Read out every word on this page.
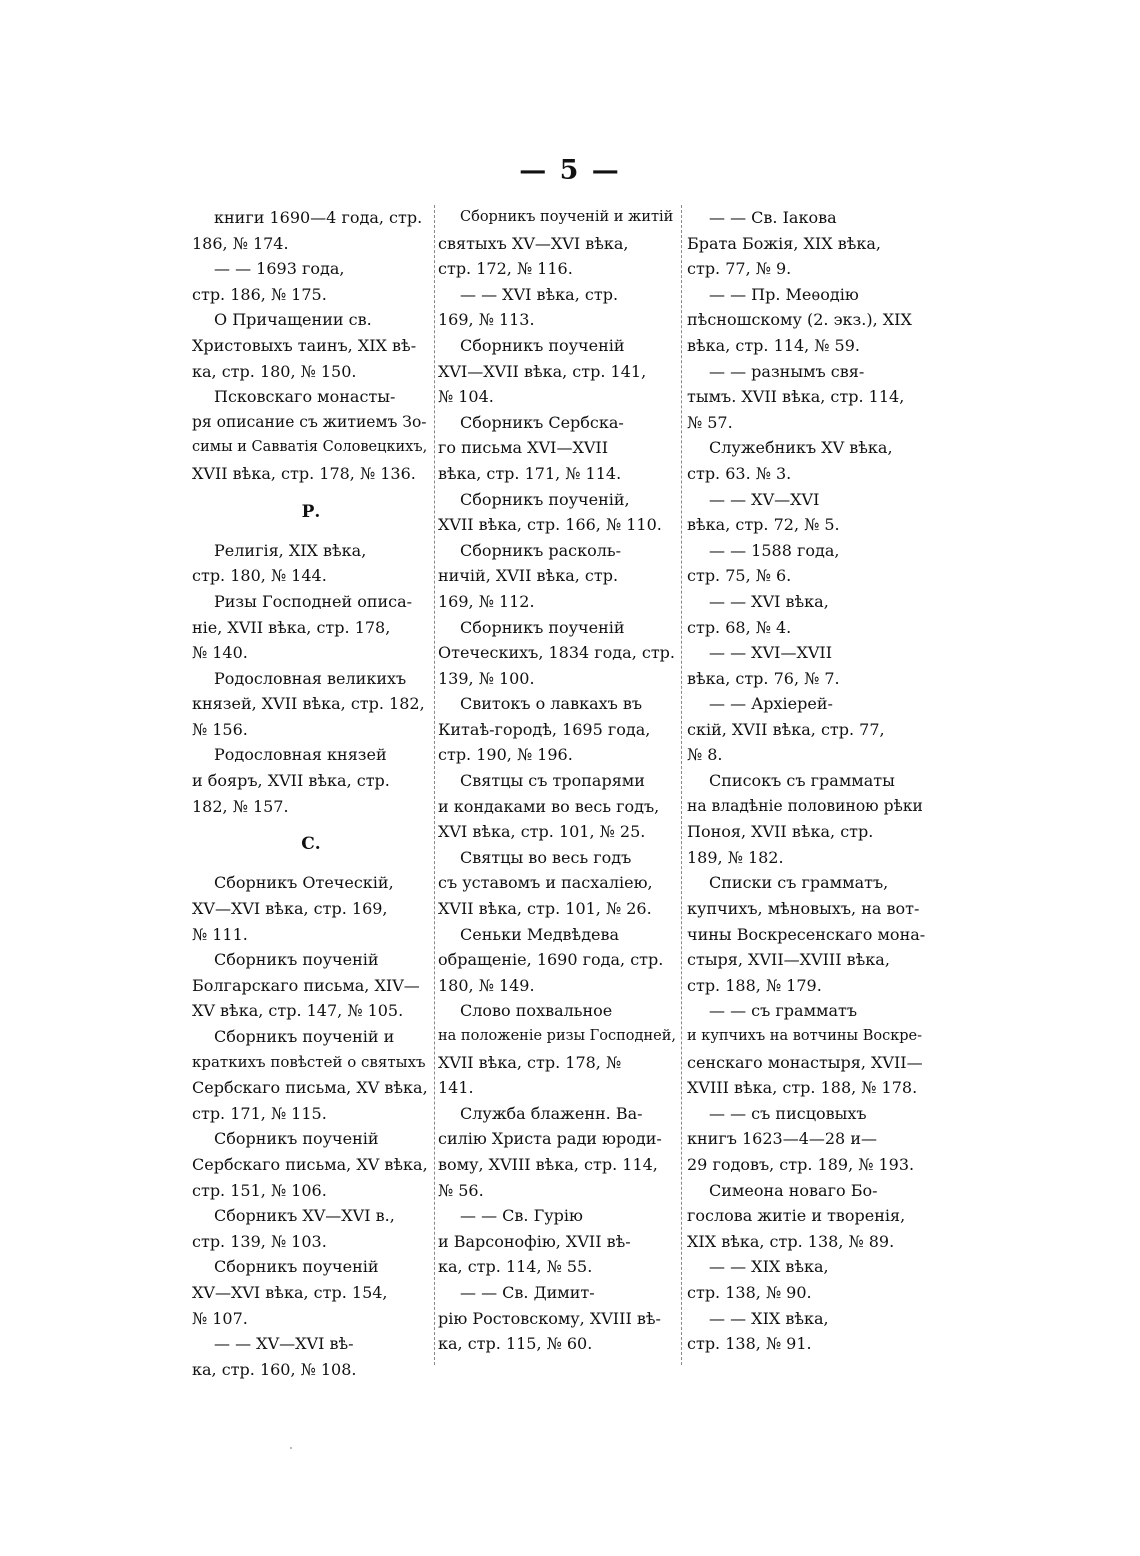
— 5 —
книги 1690—4 года, стр.
186, № 174.
— — 1693 года,
стр. 186, № 175.
О Причащении св.
Христовыхъ таинъ, XIX вѣ-
ка, стр. 180, № 150.
Псковскаго монасты-
ря описание съ житиемъ Зо-
симы и Савватія Соловецкихъ,
XVII вѣка, стр. 178, № 136.
Р.
Религія, XIX вѣка,
стр. 180, № 144.
Ризы Господней описа-
ніе, XVII вѣка, стр. 178,
№ 140.
Родословная великихъ
князей, XVII вѣка, стр. 182,
№ 156.
Родословная князей
и бояръ, XVII вѣка, стр.
182, № 157.
С.
Сборникъ Отеческій,
XV—XVI вѣка, стр. 169,
№ 111.
Сборникъ поученій
Болгарскаго письма, XIV—
XV вѣка, стр. 147, № 105.
Сборникъ поученій и
краткихъ повѣстей о святыхъ
Сербскаго письма, XV вѣка,
стр. 171, № 115.
Сборникъ поученій
Сербскаго письма, XV вѣка,
стр. 151, № 106.
Сборникъ XV—XVI в.,
стр. 139, № 103.
Сборникъ поученій
XV—XVI вѣка, стр. 154,
№ 107.
— — XV—XVI вѣ-
ка, стр. 160, № 108.
Сборникъ поученій и житій
святыхъ XV—XVI вѣка,
стр. 172, № 116.
— — XVI вѣка, стр.
169, № 113.
Сборникъ поученій
XVI—XVII вѣка, стр. 141,
№ 104.
Сборникъ Сербска-
го письма XVI—XVII
вѣка, стр. 171, № 114.
Сборникъ поученій,
XVII вѣка, стр. 166, № 110.
Сборникъ расколь-
ничій, XVII вѣка, стр.
169, № 112.
Сборникъ поученій
Отеческихъ, 1834 года, стр.
139, № 100.
Свитокъ о лавкахъ въ
Китаѣ-городѣ, 1695 года,
стр. 190, № 196.
Святцы съ тропарями
и кондаками во весь годъ,
XVI вѣка, стр. 101, № 25.
Святцы во весь годъ
съ уставомъ и пасхаліею,
XVII вѣка, стр. 101, № 26.
Сеньки Медвѣдева
обращеніе, 1690 года, стр.
180, № 149.
Слово похвальное
на положеніе ризы Господней,
XVII вѣка, стр. 178, №
141.
Служба блаженн. Ва-
силію Христа ради юроди-
вому, XVIII вѣка, стр. 114,
№ 56.
— — Св. Гурію
и Варсонофію, XVII вѣ-
ка, стр. 114, № 55.
— — Св. Димит-
рію Ростовскому, XVIII вѣ-
ка, стр. 115, № 60.
— — Св. Іакова
Брата Божія, XIX вѣка,
стр. 77, № 9.
— — Пр. Меѳодію
пѣсношскому (2. экз.), XIX
вѣка, стр. 114, № 59.
— — разнымъ свя-
тымъ. XVII вѣка, стр. 114,
№ 57.
Служебникъ XV вѣка,
стр. 63. № 3.
— — XV—XVI
вѣка, стр. 72, № 5.
— — 1588 года,
стр. 75, № 6.
— — XVI вѣка,
стр. 68, № 4.
— — XVI—XVII
вѣка, стр. 76, № 7.
— — Архіерей-
скій, XVII вѣка, стр. 77,
№ 8.
Списокъ съ грамматы
на владѣніе половиною рѣки
Поноя, XVII вѣка, стр.
189, № 182.
Списки съ грамматъ,
купчихъ, мѣновыхъ, на вот-
чины Воскресенскаго мона-
стыря, XVII—XVIII вѣка,
стр. 188, № 179.
— — съ грамматъ
и купчихъ на вотчины Воскре-
сенскаго монастыря, XVII—
XVIII вѣка, стр. 188, № 178.
— — съ писцовыхъ
книгъ 1623—4—28 и—
29 годовъ, стр. 189, № 193.
Симеона новаго Бо-
гослова житіе и творенія,
XIX вѣка, стр. 138, № 89.
— — XIX вѣка,
стр. 138, № 90.
— — XIX вѣка,
стр. 138, № 91.
